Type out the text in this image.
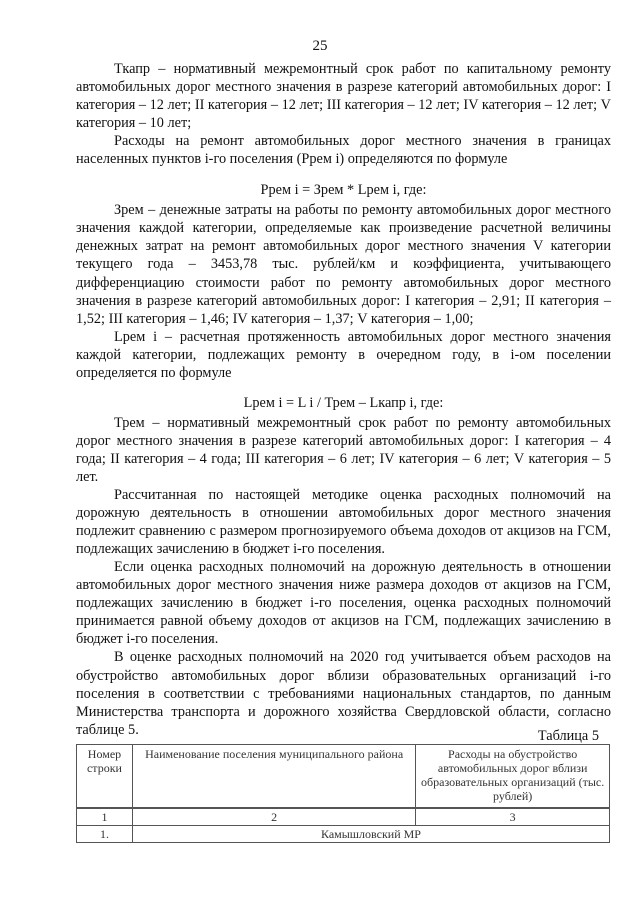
25

Ткапр – нормативный межремонтный срок работ по капитальному ремонту автомобильных дорог местного значения в разрезе категорий автомобильных дорог: I категория – 12 лет; II категория – 12 лет; III категория – 12 лет; IV категория – 12 лет; V категория – 10 лет;

Расходы на ремонт автомобильных дорог местного значения в границах населенных пунктов i-го поселения (Ррем i) определяются по формуле

Ррем i = Зрем * Lрем i, где:

Зрем – денежные затраты на работы по ремонту автомобильных дорог местного значения каждой категории, определяемые как произведение расчетной величины денежных затрат на ремонт автомобильных дорог местного значения V категории текущего года – 3453,78 тыс. рублей/км и коэффициента, учитывающего дифференциацию стоимости работ по ремонту автомобильных дорог местного значения в разрезе категорий автомобильных дорог: I категория – 2,91; II категория – 1,52; III категория – 1,46; IV категория – 1,37; V категория – 1,00;

Lрем i – расчетная протяженность автомобильных дорог местного значения каждой категории, подлежащих ремонту в очередном году, в i-ом поселении определяется по формуле

Lрем i = L i / Трем – Lкапр i, где:

Трем – нормативный межремонтный срок работ по ремонту автомобильных дорог местного значения в разрезе категорий автомобильных дорог: I категория – 4 года; II категория – 4 года; III категория – 6 лет; IV категория – 6 лет; V категория – 5 лет.

Рассчитанная по настоящей методике оценка расходных полномочий на дорожную деятельность в отношении автомобильных дорог местного значения подлежит сравнению с размером прогнозируемого объема доходов от акцизов на ГСМ, подлежащих зачислению в бюджет i-го поселения.

Если оценка расходных полномочий на дорожную деятельность в отношении автомобильных дорог местного значения ниже размера доходов от акцизов на ГСМ, подлежащих зачислению в бюджет i-го поселения, оценка расходных полномочий принимается равной объему доходов от акцизов на ГСМ, подлежащих зачислению в бюджет i-го поселения.

В оценке расходных полномочий на 2020 год учитывается объем расходов на обустройство автомобильных дорог вблизи образовательных организаций i-го поселения в соответствии с требованиями национальных стандартов, по данным Министерства транспорта и дорожного хозяйства Свердловской области, согласно таблице 5.	Таблица 5
Номер строки	Наименование поселения муниципального района	Расходы на обустройство автомобильных дорог вблизи образовательных организаций (тыс. рублей)

1	2	3
1.	Камышловский МР	
